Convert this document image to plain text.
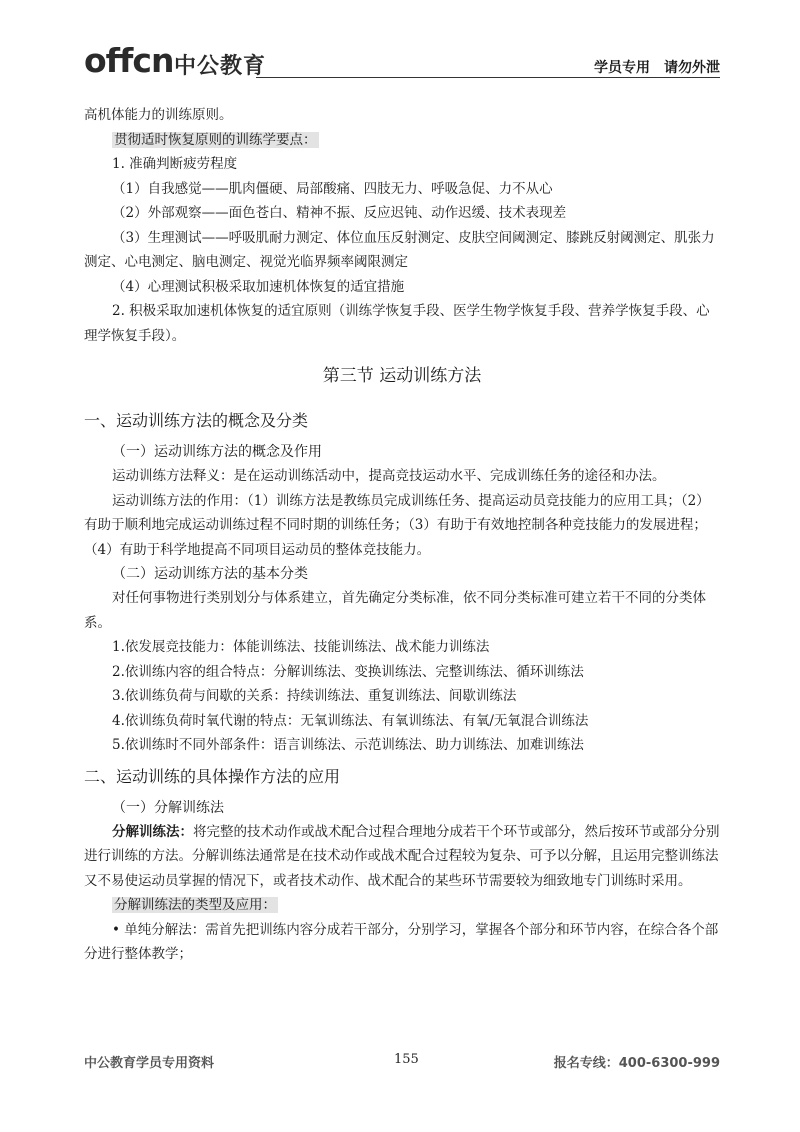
offcn 中公教育	学员专用 请勿外泄

高机体能力的训练原则。

贯彻适时恢复原则的训练学要点：

1. 准确判断疲劳程度

（1）自我感觉——肌肉僵硬、局部酸痛、四肢无力、呼吸急促、力不从心

（2）外部观察——面色苍白、精神不振、反应迟钝、动作迟缓、技术表现差

（3）生理测试——呼吸肌耐力测定、体位血压反射测定、皮肤空间阈测定、膝跳反射阈测定、肌张力测定、心电测定、脑电测定、视觉光临界频率阈限测定

（4）心理测试积极采取加速机体恢复的适宜措施

2. 积极采取加速机体恢复的适宜原则（训练学恢复手段、医学生物学恢复手段、营养学恢复手段、心理学恢复手段）。

第三节 运动训练方法
一、运动训练方法的概念及分类
（一）运动训练方法的概念及作用

运动训练方法释义：是在运动训练活动中，提高竞技运动水平、完成训练任务的途径和办法。

运动训练方法的作用：（1）训练方法是教练员完成训练任务、提高运动员竞技能力的应用工具；（2）有助于顺利地完成运动训练过程不同时期的训练任务；（3）有助于有效地控制各种竞技能力的发展进程；（4）有助于科学地提高不同项目运动员的整体竞技能力。

（二）运动训练方法的基本分类

对任何事物进行类别划分与体系建立，首先确定分类标准，依不同分类标准可建立若干不同的分类体系。

1.依发展竞技能力：体能训练法、技能训练法、战术能力训练法

2.依训练内容的组合特点：分解训练法、变换训练法、完整训练法、循环训练法

3.依训练负荷与间歇的关系：持续训练法、重复训练法、间歇训练法

4.依训练负荷时氧代谢的特点：无氧训练法、有氧训练法、有氧/无氧混合训练法

5.依训练时不同外部条件：语言训练法、示范训练法、助力训练法、加难训练法

二、运动训练的具体操作方法的应用
（一）分解训练法

分解训练法：将完整的技术动作或战术配合过程合理地分成若干个环节或部分，然后按环节或部分分别进行训练的方法。分解训练法通常是在技术动作或战术配合过程较为复杂、可予以分解，且运用完整训练法又不易使运动员掌握的情况下，或者技术动作、战术配合的某些环节需要较为细致地专门训练时采用。

分解训练法的类型及应用：

• 单纯分解法：需首先把训练内容分成若干部分，分别学习，掌握各个部分和环节内容，在综合各个部分进行整体教学；

中公教育学员专用资料	155	报名专线：400-6300-999
